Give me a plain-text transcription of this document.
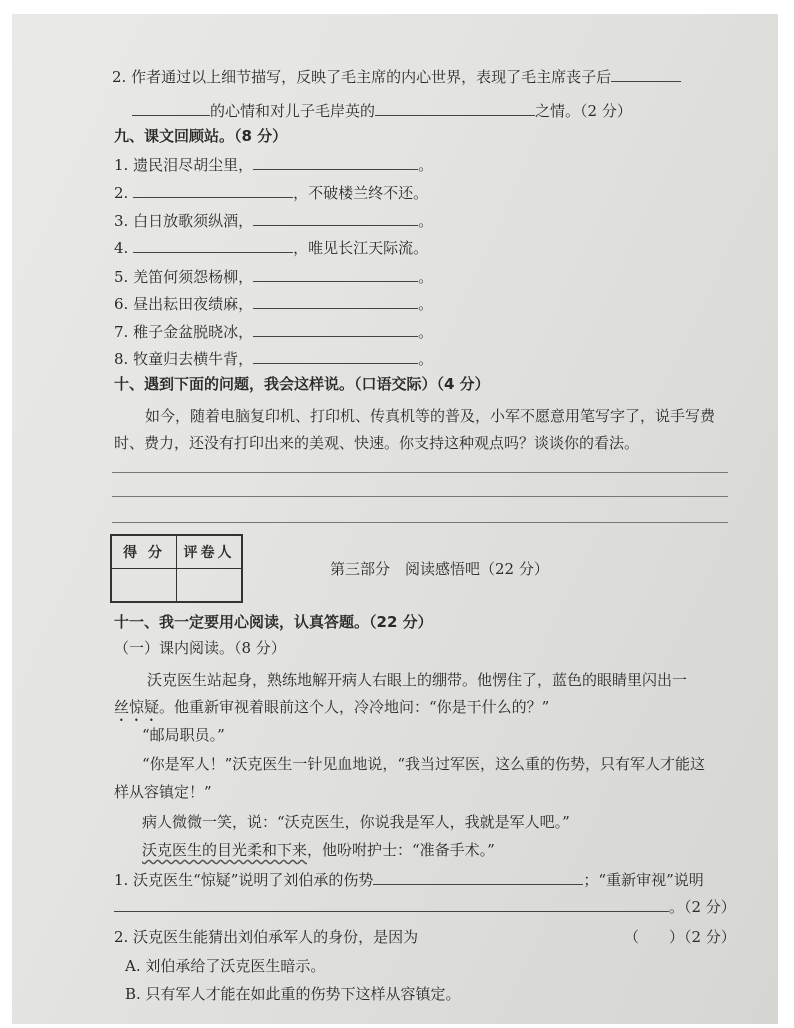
2. 作者通过以上细节描写，反映了毛主席的内心世界，表现了毛主席丧子后
的心情和对儿子毛岸英的	之情。（2 分）
九、课文回顾站。（8 分）
1. 遗民泪尽胡尘里，	。
2.	，不破楼兰终不还。
3. 白日放歌须纵酒，	。
4.	，唯见长江天际流。
5. 羌笛何须怨杨柳，	。
6. 昼出耘田夜绩麻，	。
7. 稚子金盆脱晓冰，	。
8. 牧童归去横牛背，	。
十、遇到下面的问题，我会这样说。（口语交际）（4 分）
如今，随着电脑复印机、打印机、传真机等的普及，小军不愿意用笔写字了，说手写费
时、费力，还没有打印出来的美观、快速。你支持这种观点吗？谈谈你的看法。
得 分	评卷人

第三部分　阅读感悟吧（22 分）
十一、我一定要用心阅读，认真答题。（22 分）
（一）课内阅读。（8 分）
沃克医生站起身，熟练地解开病人右眼上的绷带。他愣住了，蓝色的眼睛里闪出一
丝惊疑。他重新审视着眼前这个人，冷冷地问：“你是干什么的？”
“邮局职员。”
“你是军人！”沃克医生一针见血地说，“我当过军医，这么重的伤势，只有军人才能这
样从容镇定！”
病人微微一笑，说：“沃克医生，你说我是军人，我就是军人吧。”
沃克医生的目光柔和下来，他吩咐护士：“准备手术。”
1. 沃克医生“惊疑”说明了刘伯承的伤势	；“重新审视”说明
。（2 分）
2. 沃克医生能猜出刘伯承军人的身份，是因为	（　　）（2 分）
A. 刘伯承给了沃克医生暗示。
B. 只有军人才能在如此重的伤势下这样从容镇定。
